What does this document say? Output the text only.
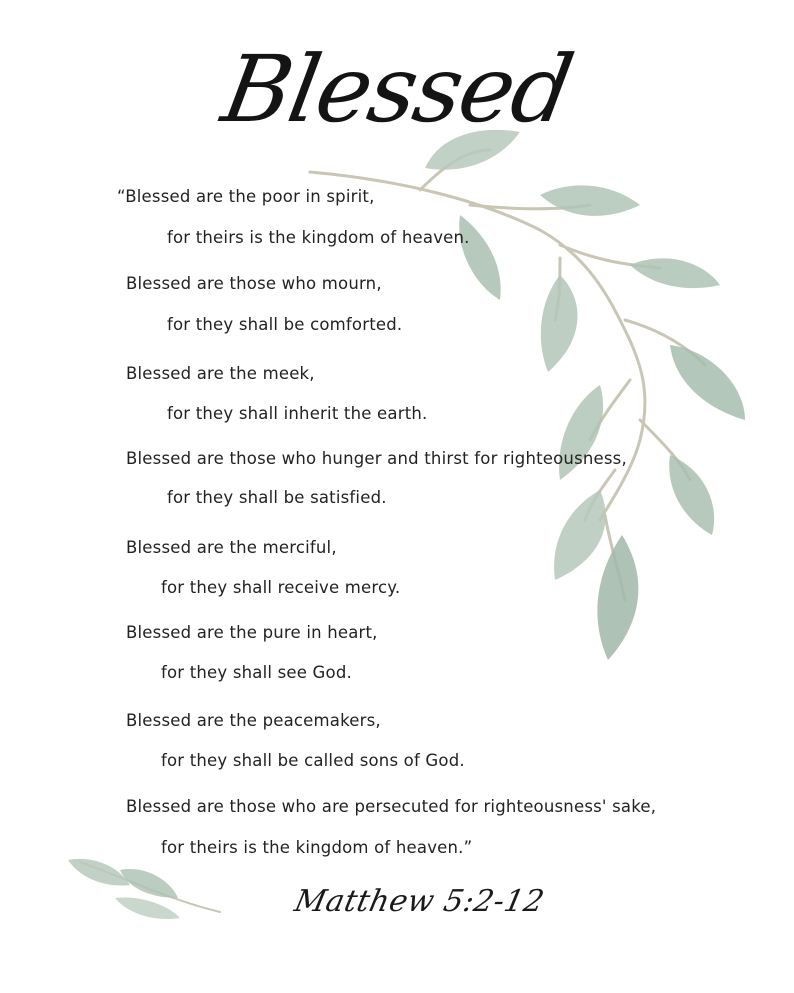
Blessed
“Blessed are the poor in spirit,
for theirs is the kingdom of heaven.
Blessed are those who mourn,
for they shall be comforted.
Blessed are the meek,
for they shall inherit the earth.
Blessed are those who hunger and thirst for righteousness,
for they shall be satisfied.
Blessed are the merciful,
for they shall receive mercy.
Blessed are the pure in heart,
for they shall see God.
Blessed are the peacemakers,
for they shall be called sons of God.
Blessed are those who are persecuted for righteousness' sake,
for theirs is the kingdom of heaven.”
Matthew 5:2-12
